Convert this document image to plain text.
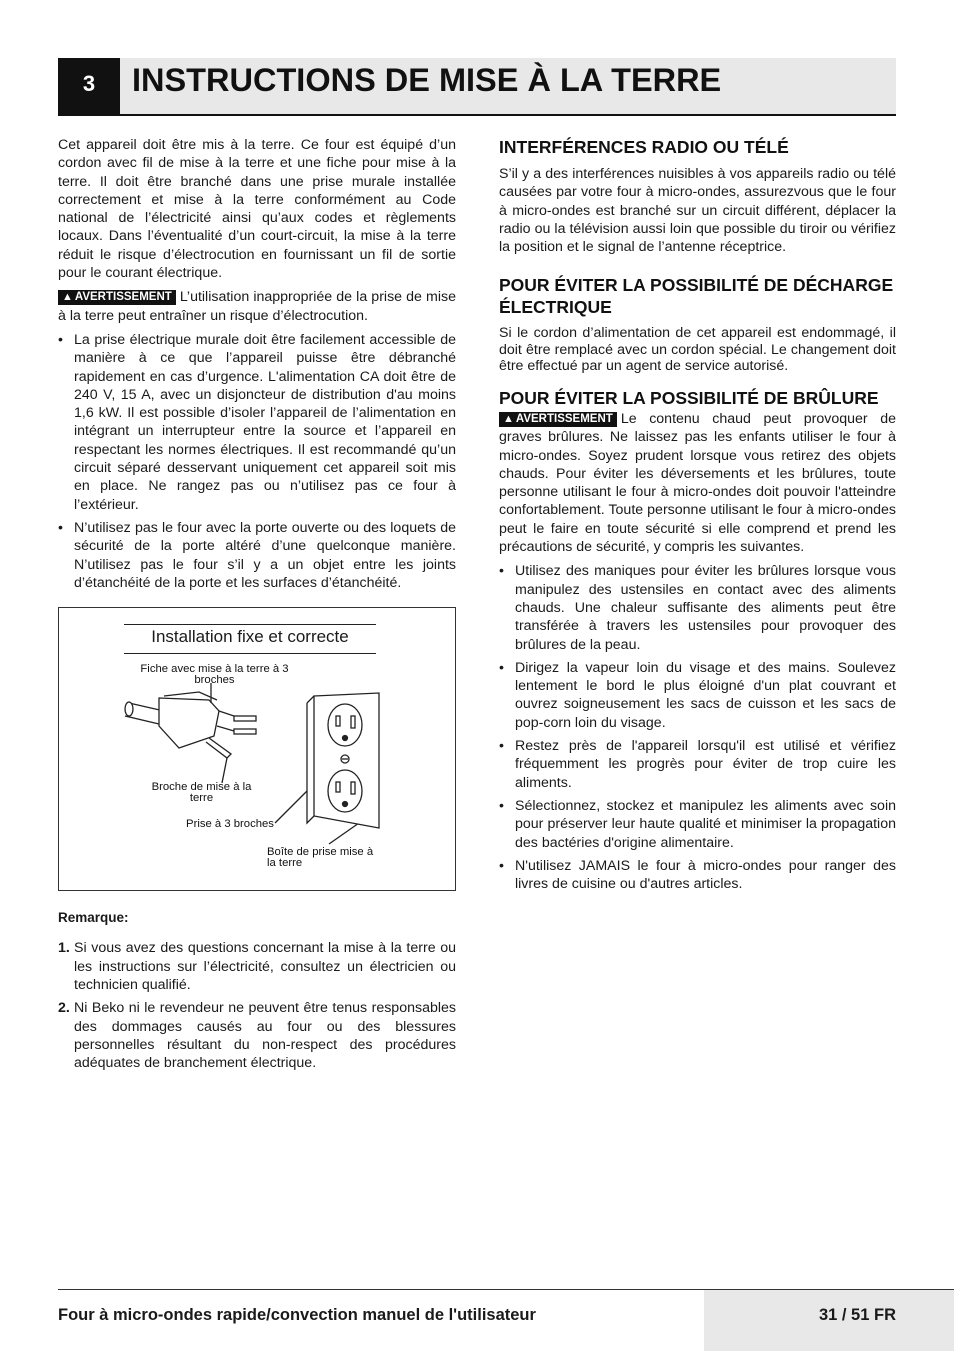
3	INSTRUCTIONS DE MISE À LA TERRE

Cet appareil doit être mis à la terre. Ce four est équipé d’un cordon avec fil de mise à la terre et une fiche pour mise à la terre. Il doit être branché dans une prise murale installée correctement et mise à la terre conformément au Code national de l’électricité ainsi qu’aux codes et règlements locaux. Dans l’éventualité d’un court-circuit, la mise à la terre réduit le risque d’électrocution en fournissant un fil de sortie pour le courant électrique.

▲ AVERTISSEMENT L’utilisation inappropriée de la prise de mise à la terre peut entraîner un risque d’électrocution.

• La prise électrique murale doit être facilement accessible de manière à ce que l’appareil puisse être débranché rapidement en cas d’urgence. L'alimentation CA doit être de 240 V, 15 A, avec un disjoncteur de distribution d'au moins 1,6 kW. Il est possible d’isoler l’appareil de l’alimentation en intégrant un interrupteur entre la source et l’appareil en respectant les normes électriques. Il est recommandé qu’un circuit séparé desservant uniquement cet appareil soit mis en place. Ne rangez pas ou n’utilisez pas ce four à l’extérieur.
• N’utilisez pas le four avec la porte ouverte ou des loquets de sécurité de la porte altéré d’une quelconque manière. N’utilisez pas le four s’il y a un objet entre les joints d’étanchéité de la porte et les surfaces d’étanchéité.
Installation fixe et correcte
Fiche avec mise à la terre à 3 broches
Broche de mise à la terre
Prise à 3 broches
Boîte de prise mise à la terre
Remarque:
1. Si vous avez des questions concernant la mise à la terre ou les instructions sur l’électricité, consultez un électricien ou technicien qualifié.
2. Ni Beko ni le revendeur ne peuvent être tenus responsables des dommages causés au four ou des blessures personnelles résultant du non-respect des procédures adéquates de branchement électrique.
INTERFÉRENCES RADIO OU TÉLÉ

S’il y a des interférences nuisibles à vos appareils radio ou télé causées par votre four à micro-ondes, assurezvous que le four à micro-ondes est branché sur un circuit différent, déplacer la radio ou la télévision aussi loin que possible du tiroir ou vérifiez la position et le signal de l’antenne réceptrice.

POUR ÉVITER LA POSSIBILITÉ DE DÉCHARGE ÉLECTRIQUE

Si le cordon d’alimentation de cet appareil est endommagé, il doit être remplacé avec un cordon spécial. Le changement doit être effectué par un agent de service autorisé.

POUR ÉVITER LA POSSIBILITÉ DE BRÛLURE

▲ AVERTISSEMENT Le contenu chaud peut provoquer de graves brûlures. Ne laissez pas les enfants utiliser le four à micro-ondes. Soyez prudent lorsque vous retirez des objets chauds. Pour éviter les déversements et les brûlures, toute personne utilisant le four à micro-ondes doit pouvoir l'atteindre confortablement. Toute personne utilisant le four à micro-ondes peut le faire en toute sécurité si elle comprend et prend les précautions de sécurité, y compris les suivantes.

• Utilisez des maniques pour éviter les brûlures lorsque vous manipulez des ustensiles en contact avec des aliments chauds. Une chaleur suffisante des aliments peut être transférée à travers les ustensiles pour provoquer des brûlures de la peau.
• Dirigez la vapeur loin du visage et des mains. Soulevez lentement le bord le plus éloigné d'un plat couvrant et ouvrez soigneusement les sacs de cuisson et les sacs de pop-corn loin du visage.
• Restez près de l'appareil lorsqu'il est utilisé et vérifiez fréquemment les progrès pour éviter de trop cuire les aliments.
• Sélectionnez, stockez et manipulez les aliments avec soin pour préserver leur haute qualité et minimiser la propagation des bactéries d'origine alimentaire.
• N'utilisez JAMAIS le four à micro-ondes pour ranger des livres de cuisine ou d'autres articles.
Four à micro-ondes rapide/convection manuel de l'utilisateur	31 / 51 FR
